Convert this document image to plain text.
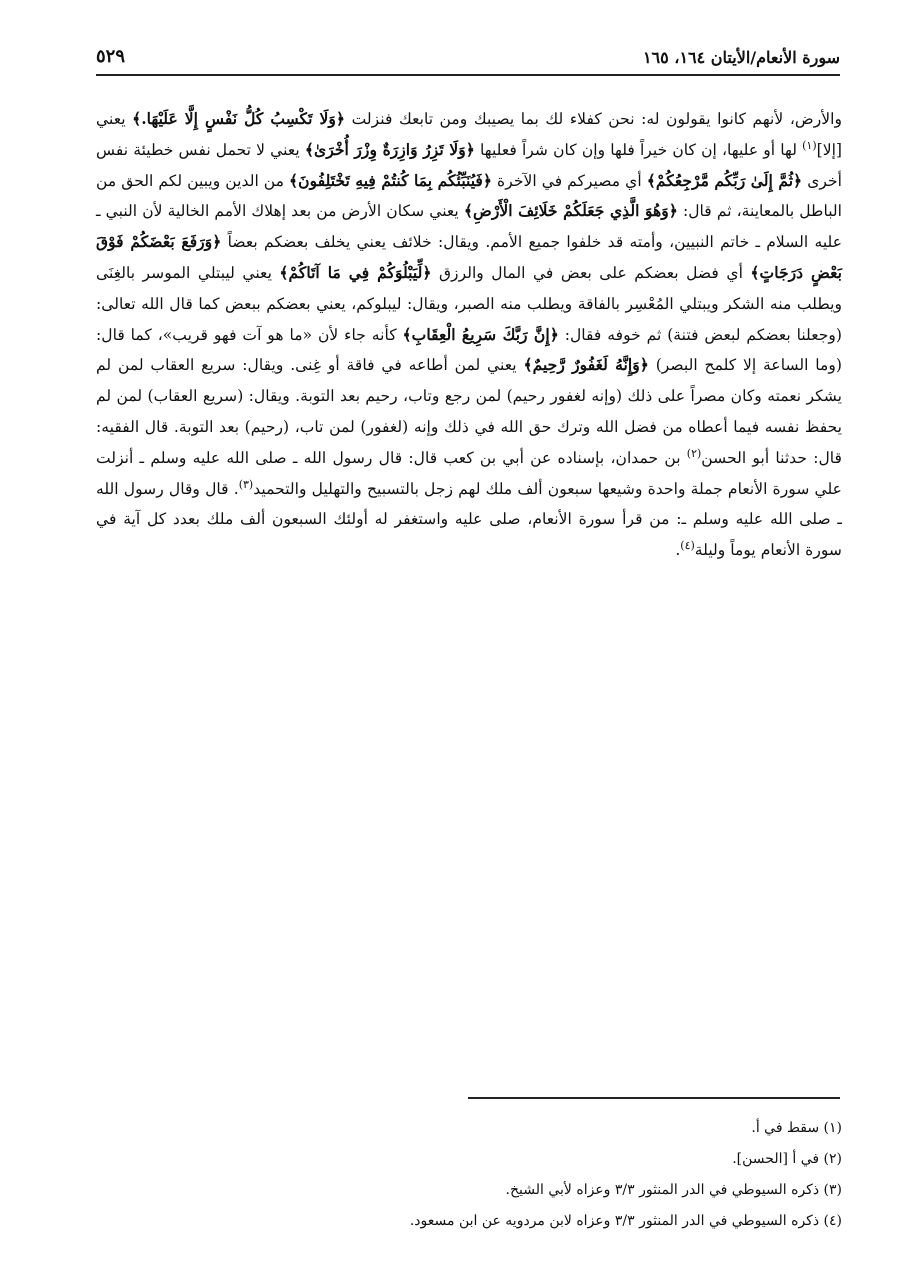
سورة الأنعام/الأيتان ١٦٤، ١٦٥
٥٢٩

والأرض، لأنهم كانوا يقولون له: نحن كفلاء لك بما يصيبك ومن تابعك فنزلت ﴿وَلَا تَكْسِبُ كُلُّ نَفْسٍ إِلَّا عَلَيْهَا.﴾ يعني [إلا]$^{(١)}$ لها أو عليها، إن كان خيراً فلها وإن كان شراً فعليها ﴿وَلَا تَزِرُ وَازِرَةٌ وِزْرَ أُخْرَىٰ﴾ يعني لا تحمل نفس خطيئة نفس أخرى ﴿ثُمَّ إِلَىٰ رَبِّكُم مَّرْجِعُكُمْ﴾ أي مصيركم في الآخرة ﴿فَيُنَبِّئُكُم بِمَا كُنتُمْ فِيهِ تَخْتَلِفُونَ﴾ من الدين ويبين لكم الحق من الباطل بالمعاينة، ثم قال: ﴿وَهُوَ الَّذِي جَعَلَكُمْ خَلَائِفَ الْأَرْضِ﴾ يعني سكان الأرض من بعد إهلاك الأمم الخالية لأن النبي ـ عليه السلام ـ خاتم النبيين، وأمته قد خلفوا جميع الأمم. ويقال: خلائف يعني يخلف بعضكم بعضاً ﴿وَرَفَعَ بَعْضَكُمْ فَوْقَ بَعْضٍ دَرَجَاتٍ﴾ أي فضل بعضكم على بعض في المال والرزق ﴿لِّيَبْلُوَكُمْ فِي مَا آتَاكُمْ﴾ يعني ليبتلي الموسر بالغِنَى ويطلب منه الشكر ويبتلي المُعْسِر بالفاقة ويطلب منه الصبر، ويقال: ليبلوكم، يعني بعضكم ببعض كما قال الله تعالى: (وجعلنا بعضكم لبعض فتنة) ثم خوفه فقال: ﴿إِنَّ رَبَّكَ سَرِيعُ الْعِقَابِ﴾ كأنه جاء لأن «ما هو آت فهو قريب»، كما قال: (وما الساعة إلا كلمح البصر) ﴿وَإِنَّهُ لَغَفُورٌ رَّحِيمٌ﴾ يعني لمن أطاعه في فاقة أو غِنى. ويقال: سريع العقاب لمن لم يشكر نعمته وكان مصراً على ذلك (وإنه لغفور رحيم) لمن رجع وتاب، رحيم بعد التوبة. ويقال: (سريع العقاب) لمن لم يحفظ نفسه فيما أعطاه من فضل الله وترك حق الله في ذلك وإنه (لغفور) لمن تاب، (رحيم) بعد التوبة. قال الفقيه: قال: حدثنا أبو الحسن$^{(٢)}$ بن حمدان، بإسناده عن أبي بن كعب قال: قال رسول الله ـ صلى الله عليه وسلم ـ أنزلت علي سورة الأنعام جملة واحدة وشيعها سبعون ألف ملك لهم زجل بالتسبيح والتهليل والتحميد$^{(٣)}$. قال وقال رسول الله ـ صلى الله عليه وسلم ـ: من قرأ سورة الأنعام، صلى عليه واستغفر له أولئك السبعون ألف ملك بعدد كل آية في سورة الأنعام يوماً وليلة$^{(٤)}$.

(١) سقط في أ.
(٢) في أ [الحسن].
(٣) ذكره السيوطي في الدر المنثور ٣/٣ وعزاه لأبي الشيخ.
(٤) ذكره السيوطي في الدر المنثور ٣/٣ وعزاه لابن مردويه عن ابن مسعود.
